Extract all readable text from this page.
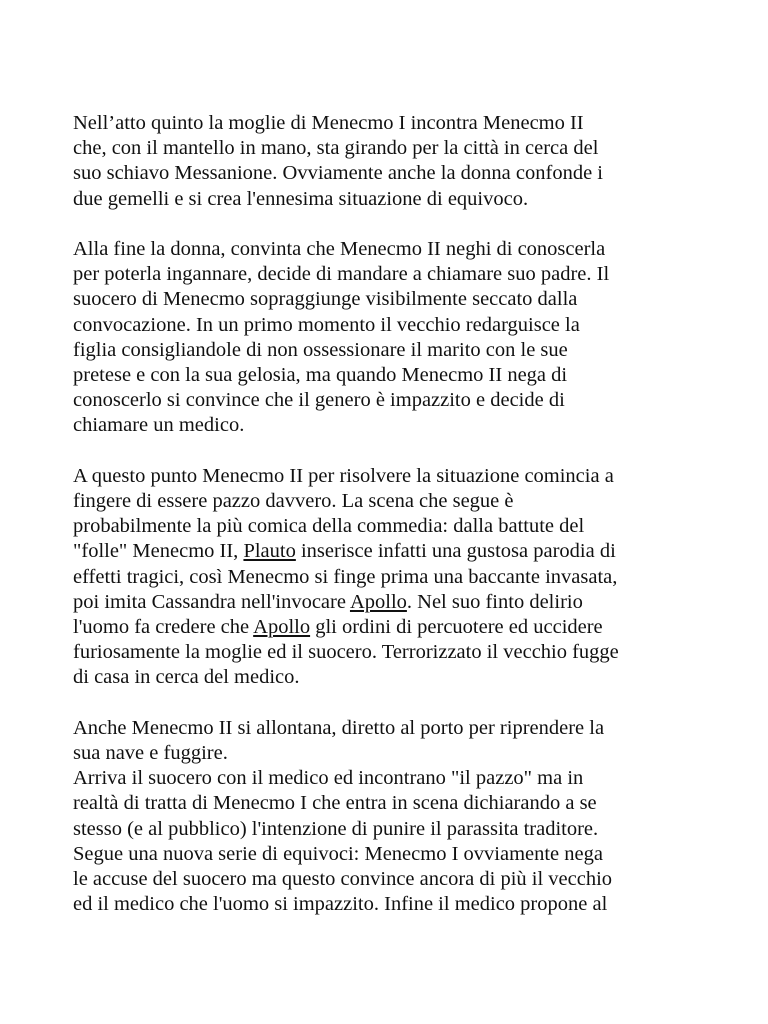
Nell’atto quinto la moglie di Menecmo I incontra Menecmo II
che, con il mantello in mano, sta girando per la città in cerca del
suo schiavo Messanione. Ovviamente anche la donna confonde i
due gemelli e si crea l'ennesima situazione di equivoco.

Alla fine la donna, convinta che Menecmo II neghi di conoscerla
per poterla ingannare, decide di mandare a chiamare suo padre. Il
suocero di Menecmo sopraggiunge visibilmente seccato dalla
convocazione. In un primo momento il vecchio redarguisce la
figlia consigliandole di non ossessionare il marito con le sue
pretese e con la sua gelosia, ma quando Menecmo II nega di
conoscerlo si convince che il genero è impazzito e decide di
chiamare un medico.

A questo punto Menecmo II per risolvere la situazione comincia a
fingere di essere pazzo davvero. La scena che segue è
probabilmente la più comica della commedia: dalla battute del
"folle" Menecmo II, Plauto inserisce infatti una gustosa parodia di
effetti tragici, così Menecmo si finge prima una baccante invasata,
poi imita Cassandra nell'invocare Apollo. Nel suo finto delirio
l'uomo fa credere che Apollo gli ordini di percuotere ed uccidere
furiosamente la moglie ed il suocero. Terrorizzato il vecchio fugge
di casa in cerca del medico.

Anche Menecmo II si allontana, diretto al porto per riprendere la
sua nave e fuggire.

Arriva il suocero con il medico ed incontrano "il pazzo" ma in
realtà di tratta di Menecmo I che entra in scena dichiarando a se
stesso (e al pubblico) l'intenzione di punire il parassita traditore.
Segue una nuova serie di equivoci: Menecmo I ovviamente nega
le accuse del suocero ma questo convince ancora di più il vecchio
ed il medico che l'uomo si impazzito. Infine il medico propone al
